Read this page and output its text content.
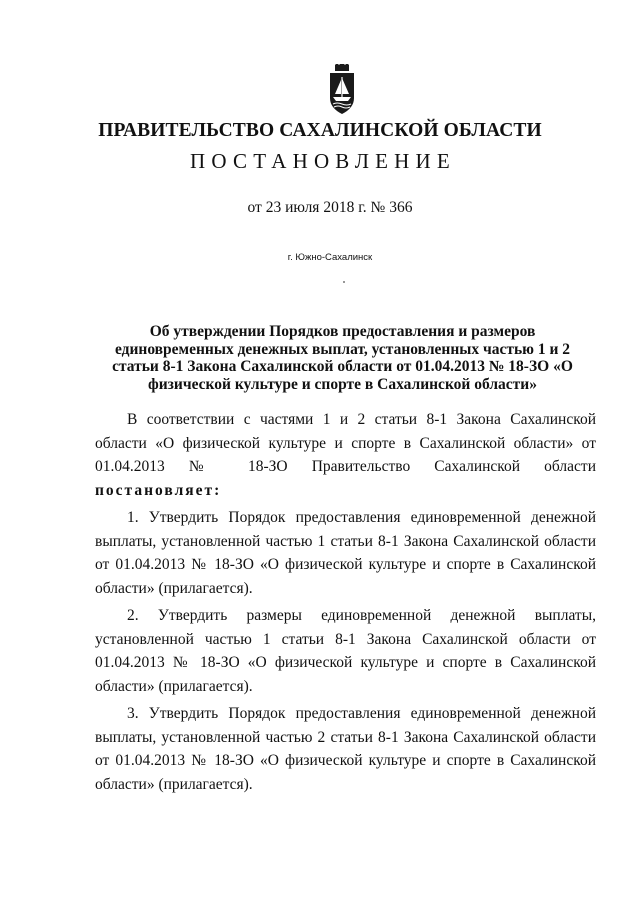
ПРАВИТЕЛЬСТВО САХАЛИНСКОЙ ОБЛАСТИ
ПОСТАНОВЛЕНИЕ
от 23 июля 2018 г. № 366
г. Южно-Сахалинск
Об утверждении Порядков предоставления и размеров единовременных денежных выплат, установленных частью 1 и 2 статьи 8-1 Закона Сахалинской области от 01.04.2013 № 18-ЗО «О физической культуре и спорте в Сахалинской области»

В соответствии с частями 1 и 2 статьи 8-1 Закона Сахалинской области «О физической культуре и спорте в Сахалинской области» от 01.04.2013 № 18-ЗО Правительство Сахалинской области постановляет:

1. Утвердить Порядок предоставления единовременной денежной выплаты, установленной частью 1 статьи 8-1 Закона Сахалинской области от 01.04.2013 № 18-ЗО «О физической культуре и спорте в Сахалинской области» (прилагается).

2. Утвердить размеры единовременной денежной выплаты, установленной частью 1 статьи 8-1 Закона Сахалинской области от 01.04.2013 № 18-ЗО «О физической культуре и спорте в Сахалинской области» (прилагается).

3. Утвердить Порядок предоставления единовременной денежной выплаты, установленной частью 2 статьи 8-1 Закона Сахалинской области от 01.04.2013 № 18-ЗО «О физической культуре и спорте в Сахалинской области» (прилагается).
